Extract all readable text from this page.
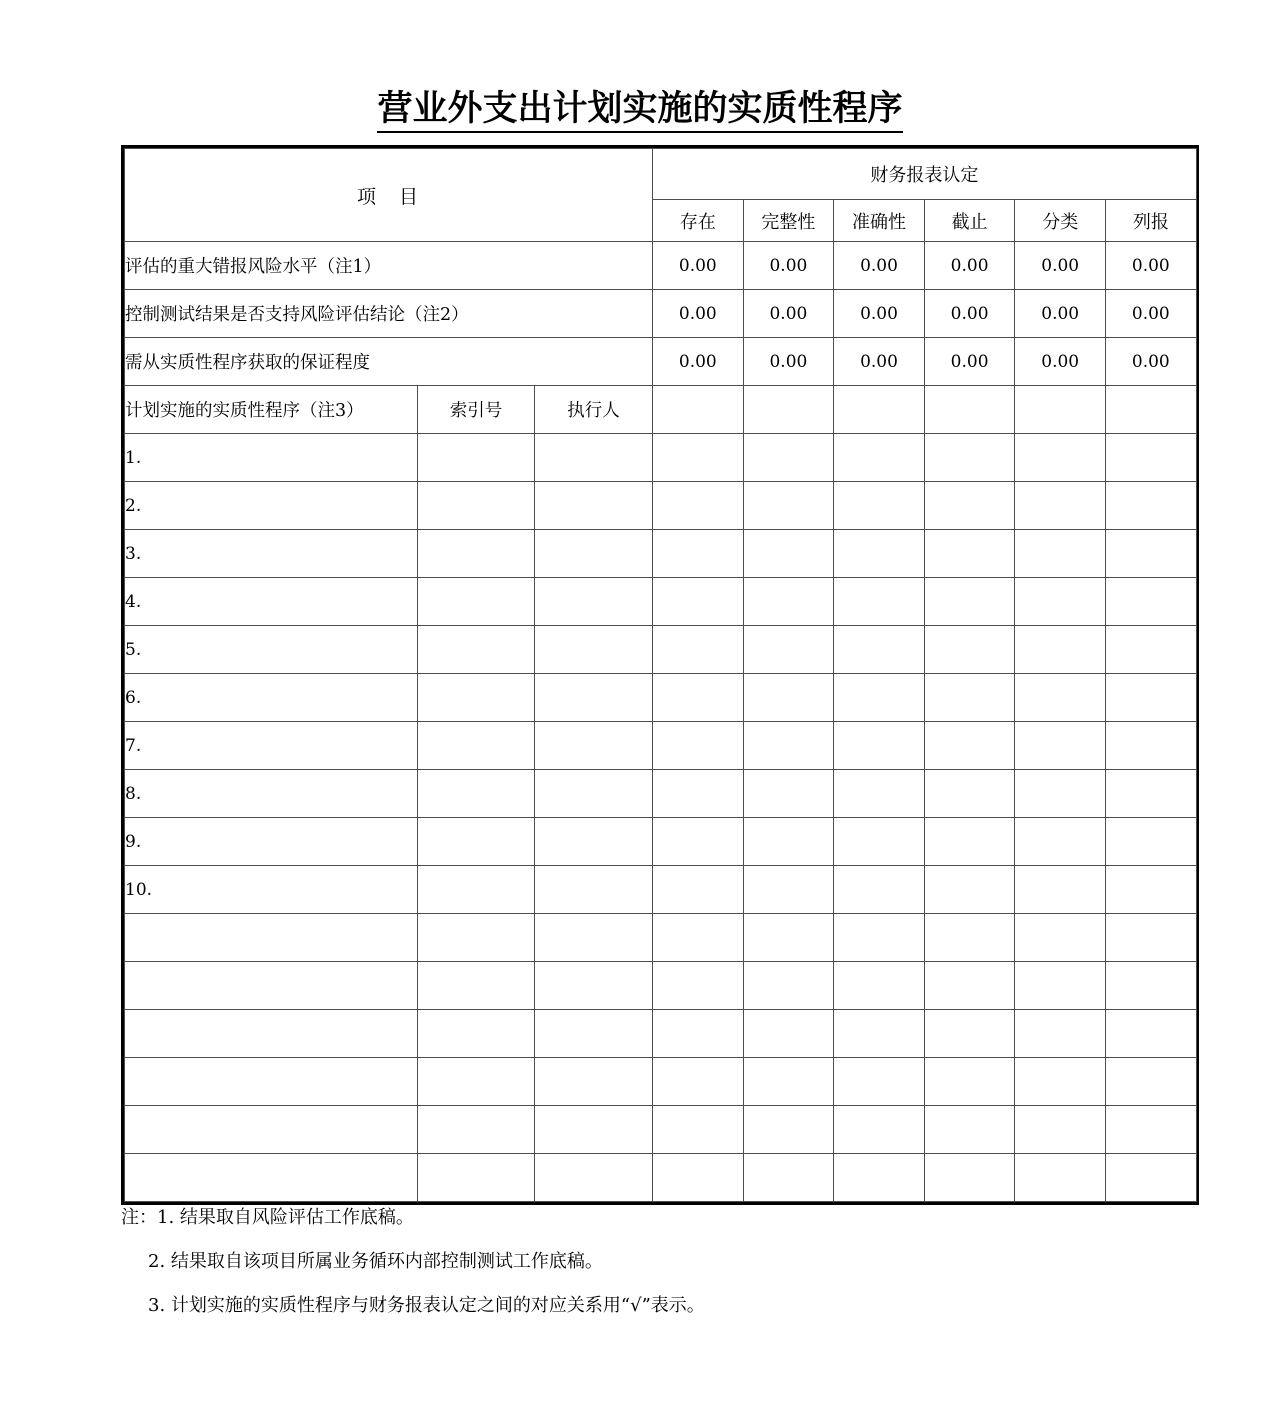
营业外支出计划实施的实质性程序
项　目			财务报表认定					
			存在	完整性	准确性	截止	分类	列报
评估的重大错报风险水平（注1）			0.00	0.00	0.00	0.00	0.00	0.00
控制测试结果是否支持风险评估结论（注2）			0.00	0.00	0.00	0.00	0.00	0.00
需从实质性程序获取的保证程度			0.00	0.00	0.00	0.00	0.00	0.00
计划实施的实质性程序（注3）	索引号	执行人						
1.								
2.								
3.								
4.								
5.								
6.								
7.								
8.								
9.								
10.								

注：1. 结果取自风险评估工作底稿。
2. 结果取自该项目所属业务循环内部控制测试工作底稿。
3. 计划实施的实质性程序与财务报表认定之间的对应关系用“√”表示。
